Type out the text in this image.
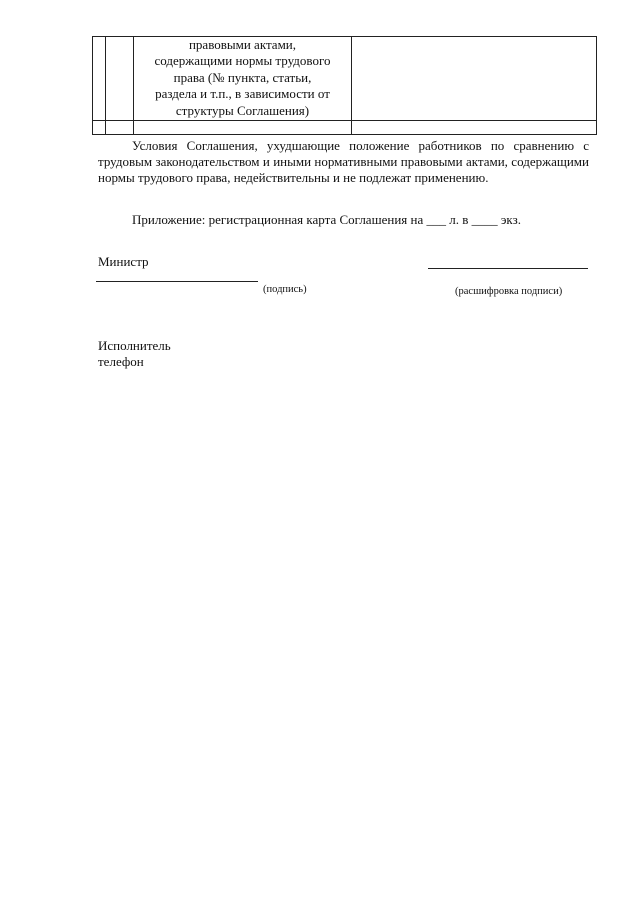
	правовыми актами,
содержащими нормы трудового
права (№ пункта, статьи,
раздела и т.п., в зависимости от
структуры Соглашения)	

Условия Соглашения, ухудшающие положение работников по сравнению с трудовым законодательством и иными нормативными правовыми актами, содержащими нормы трудового права, недействительны и не подлежат применению.

Приложение: регистрационная карта Соглашения на ___ л. в ____ экз.
Министр
(подпись)	(расшифровка подписи)
Исполнитель
телефон
